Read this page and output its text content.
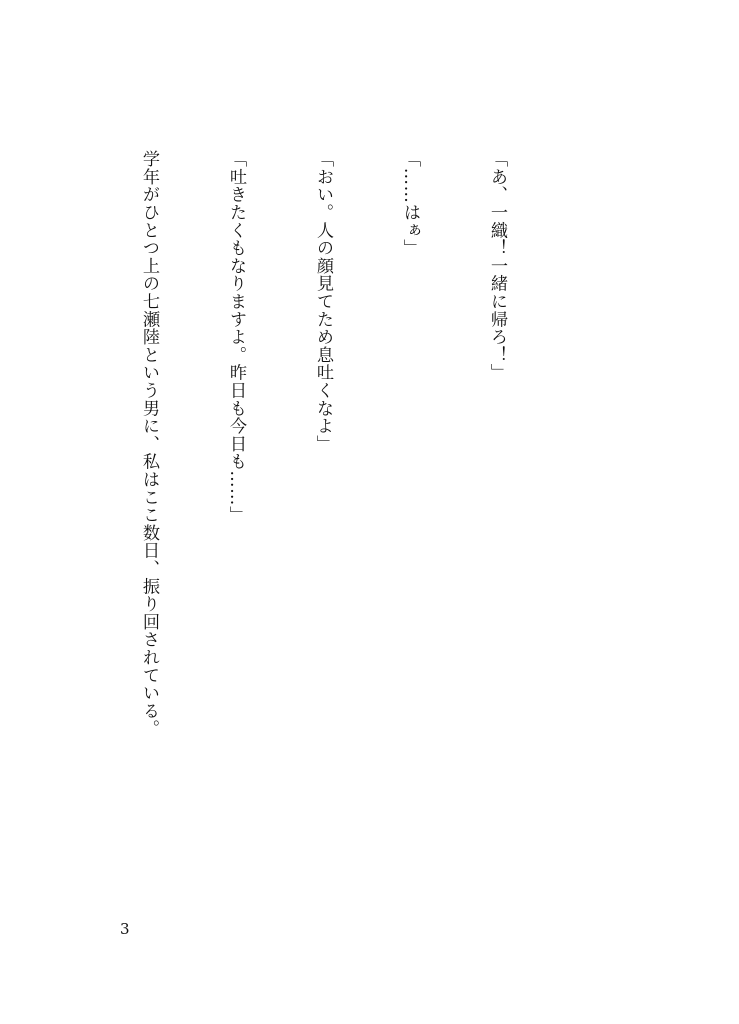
「あ、一織！一緒に帰ろ！」

「……はぁ」

「おい。人の顔見てため息吐くなよ」

「吐きたくもなりますよ。昨日も今日も……」

学年がひとつ上の七瀬陸という男に、私はここ数日、振り回されている。

3
